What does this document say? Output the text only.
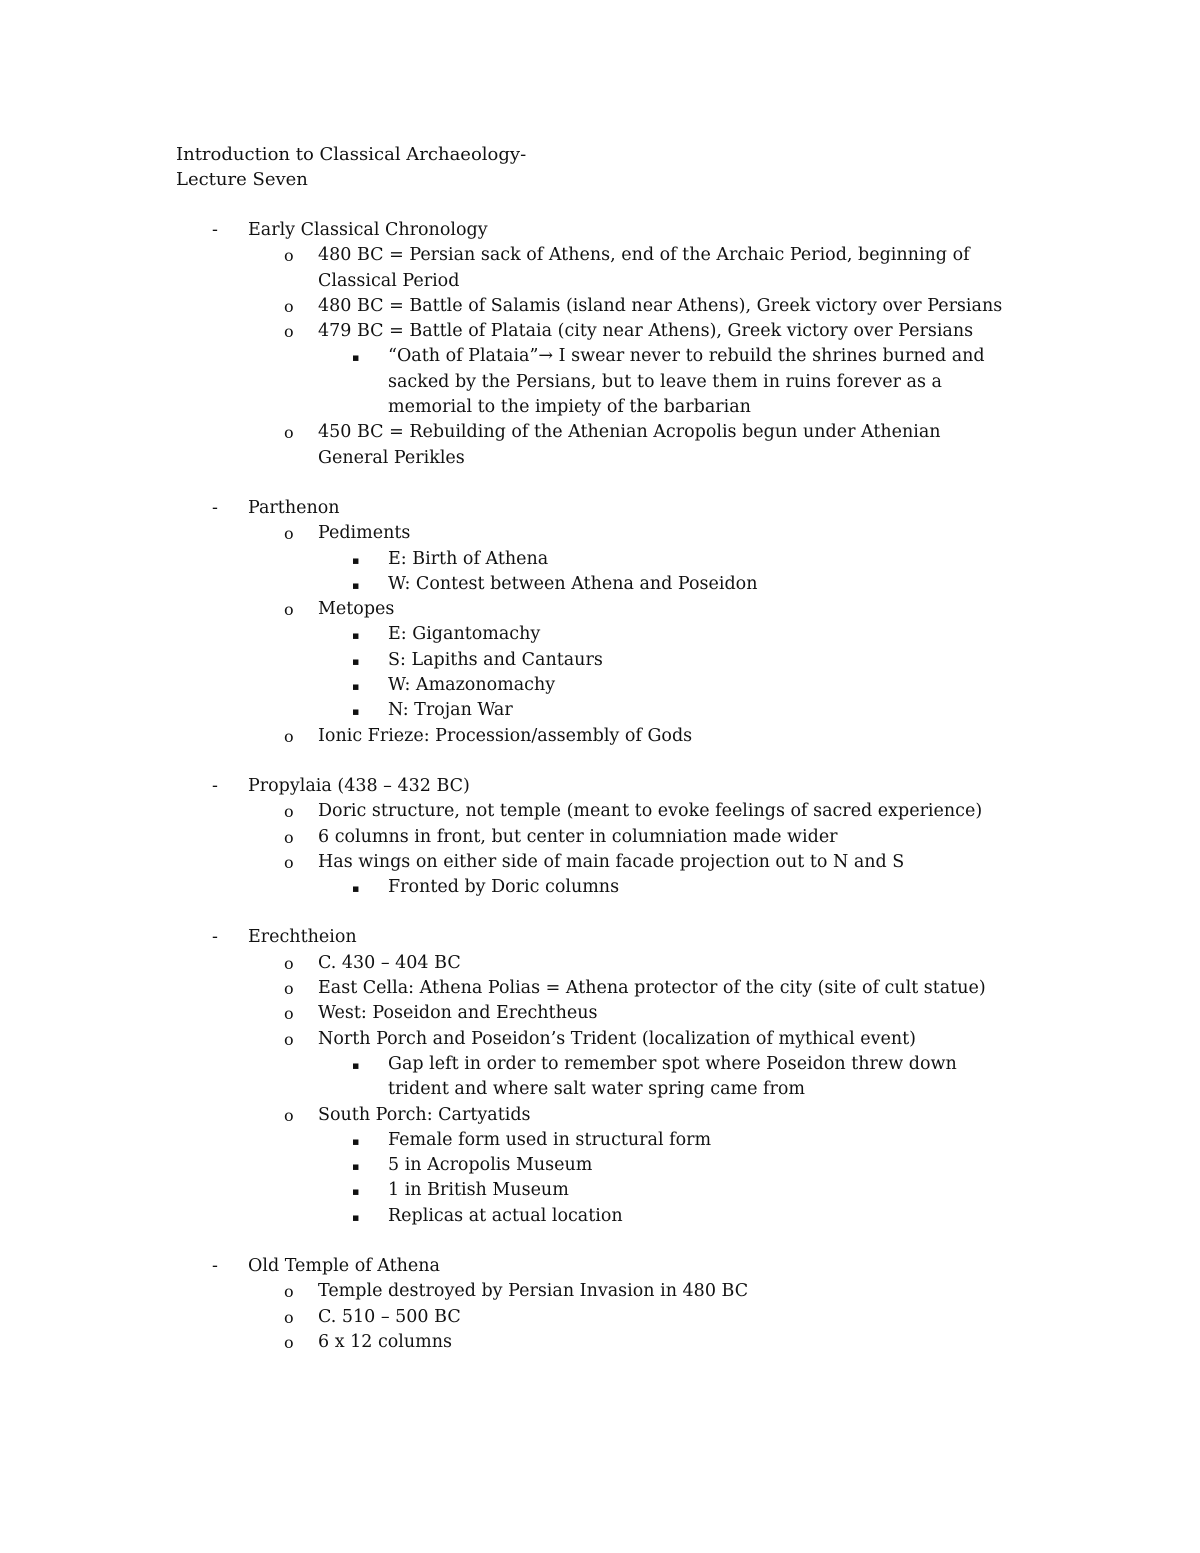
Introduction to Classical Archaeology-
Lecture Seven
- Early Classical Chronology
o 480 BC = Persian sack of Athens, end of the Archaic Period, beginning of
Classical Period
o 480 BC = Battle of Salamis (island near Athens), Greek victory over Persians
o 479 BC = Battle of Plataia (city near Athens), Greek victory over Persians
▪ “Oath of Plataia”→ I swear never to rebuild the shrines burned and
sacked by the Persians, but to leave them in ruins forever as a
memorial to the impiety of the barbarian
o 450 BC = Rebuilding of the Athenian Acropolis begun under Athenian
General Perikles
- Parthenon
o Pediments
▪ E: Birth of Athena
▪ W: Contest between Athena and Poseidon
o Metopes
▪ E: Gigantomachy
▪ S: Lapiths and Cantaurs
▪ W: Amazonomachy
▪ N: Trojan War
o Ionic Frieze: Procession/assembly of Gods
- Propylaia (438 – 432 BC)
o Doric structure, not temple (meant to evoke feelings of sacred experience)
o 6 columns in front, but center in columniation made wider
o Has wings on either side of main facade projection out to N and S
▪ Fronted by Doric columns
- Erechtheion
o C. 430 – 404 BC
o East Cella: Athena Polias = Athena protector of the city (site of cult statue)
o West: Poseidon and Erechtheus
o North Porch and Poseidon’s Trident (localization of mythical event)
▪ Gap left in order to remember spot where Poseidon threw down
trident and where salt water spring came from
o South Porch: Cartyatids
▪ Female form used in structural form
▪ 5 in Acropolis Museum
▪ 1 in British Museum
▪ Replicas at actual location
- Old Temple of Athena
o Temple destroyed by Persian Invasion in 480 BC
o C. 510 – 500 BC
o 6 x 12 columns
